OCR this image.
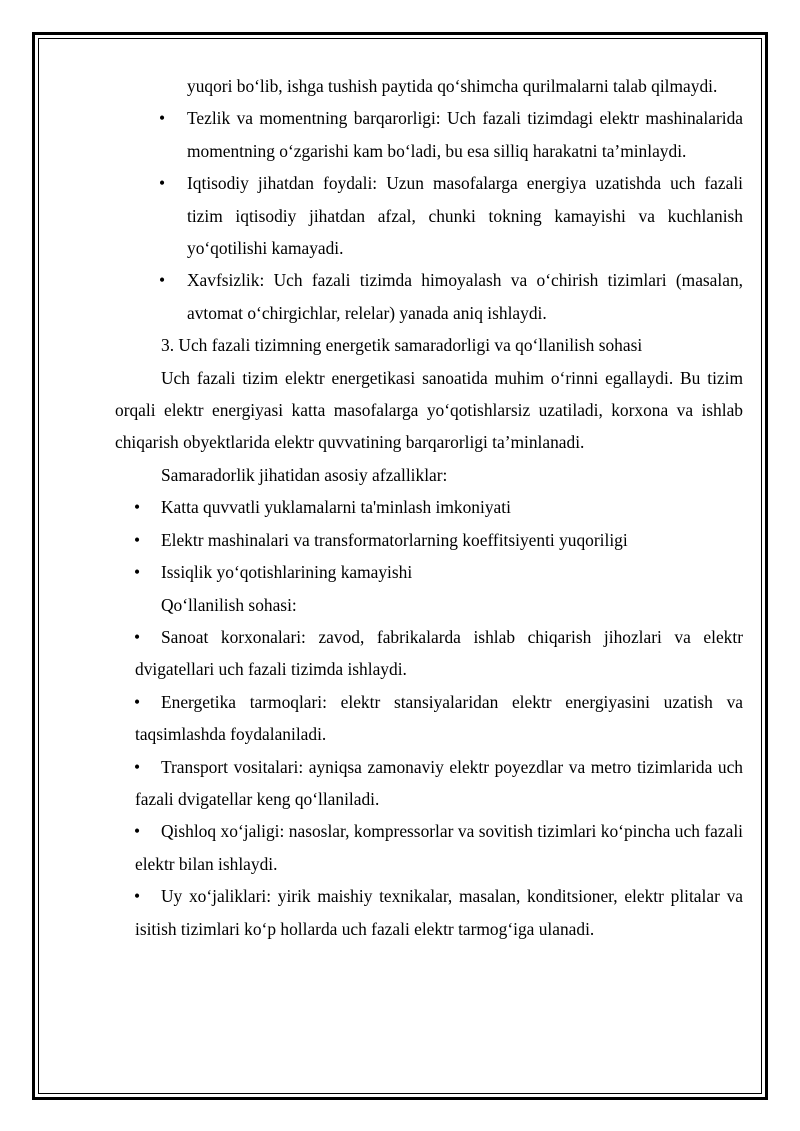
yuqori bo‘lib, ishga tushish paytida qo‘shimcha qurilmalarni talab qilmaydi.

• Tezlik va momentning barqarorligi: Uch fazali tizimdagi elektr mashinalarida momentning o‘zgarishi kam bo‘ladi, bu esa silliq harakatni ta’minlaydi.

• Iqtisodiy jihatdan foydali: Uzun masofalarga energiya uzatishda uch fazali tizim iqtisodiy jihatdan afzal, chunki tokning kamayishi va kuchlanish yo‘qotilishi kamayadi.

• Xavfsizlik: Uch fazali tizimda himoyalash va o‘chirish tizimlari (masalan, avtomat o‘chirgichlar, relelar) yanada aniq ishlaydi.

3. Uch fazali tizimning energetik samaradorligi va qo‘llanilish sohasi

Uch fazali tizim elektr energetikasi sanoatida muhim o‘rinni egallaydi. Bu tizim orqali elektr energiyasi katta masofalarga yo‘qotishlarsiz uzatiladi, korxona va ishlab chiqarish obyektlarida elektr quvvatining barqarorligi ta’minlanadi.

Samaradorlik jihatidan asosiy afzalliklar:

• Katta quvvatli yuklamalarni ta'minlash imkoniyati

• Elektr mashinalari va transformatorlarning koeffitsiyenti yuqoriligi

• Issiqlik yo‘qotishlarining kamayishi

Qo‘llanilish sohasi:

• Sanoat korxonalari: zavod, fabrikalarda ishlab chiqarish jihozlari va elektr dvigatellari uch fazali tizimda ishlaydi.

• Energetika tarmoqlari: elektr stansiyalaridan elektr energiyasini uzatish va taqsimlashda foydalaniladi.

• Transport vositalari: ayniqsa zamonaviy elektr poyezdlar va metro tizimlarida uch fazali dvigatellar keng qo‘llaniladi.

• Qishloq xo‘jaligi: nasoslar, kompressorlar va sovitish tizimlari ko‘pincha uch fazali elektr bilan ishlaydi.

• Uy xo‘jaliklari: yirik maishiy texnikalar, masalan, konditsioner, elektr plitalar va isitish tizimlari ko‘p hollarda uch fazali elektr tarmog‘iga ulanadi.
